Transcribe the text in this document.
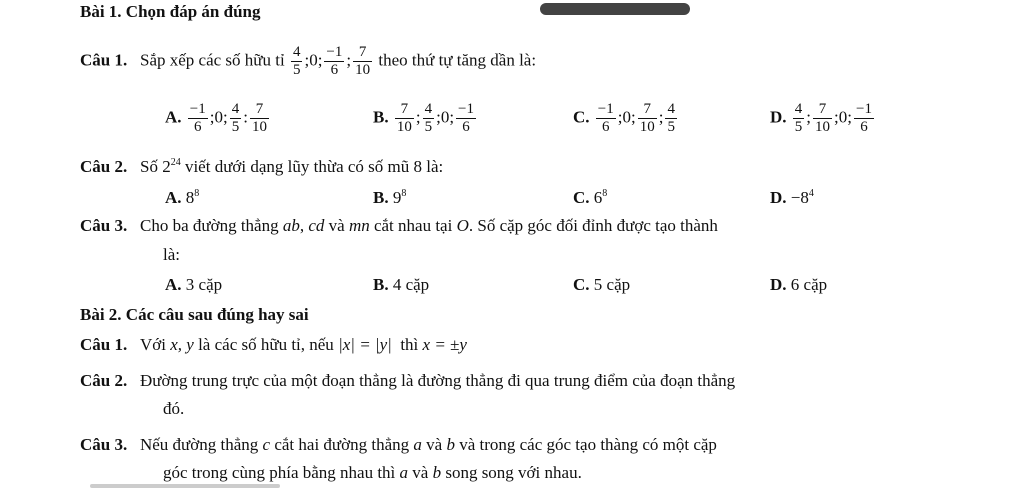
Bài 1. Chọn đáp án đúng
Câu 1. Sắp xếp các số hữu tỉ $\frac{4}{5}$ ;0; $\frac{-1}{6}$ ; $\frac{7}{10}$ theo thứ tự tăng dần là:
A. $\frac{-1}{6}$ ;0; $\frac{4}{5}$ : $\frac{7}{10}$	B. $\frac{7}{10}$ ; $\frac{4}{5}$ ;0; $\frac{-1}{6}$	C. $\frac{-1}{6}$ ;0; $\frac{7}{10}$ ; $\frac{4}{5}$	D. $\frac{4}{5}$ ; $\frac{7}{10}$ ;0; $\frac{-1}{6}$
Câu 2. Số $2^{24}$ viết dưới dạng lũy thừa có số mũ 8 là:
A. $8^8$	B. $9^8$	C. $6^8$	D. $-8^4$
Câu 3. Cho ba đường thẳng ab, cd và mn cắt nhau tại O. Số cặp góc đối đỉnh được tạo thành
là:
A. 3 cặp	B. 4 cặp	C. 5 cặp	D. 6 cặp
Bài 2. Các câu sau đúng hay sai
Câu 1. Với x, y là các số hữu tỉ, nếu |x| = |y| thì x = ±y
Câu 2. Đường trung trực của một đoạn thẳng là đường thẳng đi qua trung điểm của đoạn thẳng
đó.
Câu 3. Nếu đường thẳng c cắt hai đường thẳng a và b và trong các góc tạo thàng có một cặp
góc trong cùng phía bằng nhau thì a và b song song với nhau.
